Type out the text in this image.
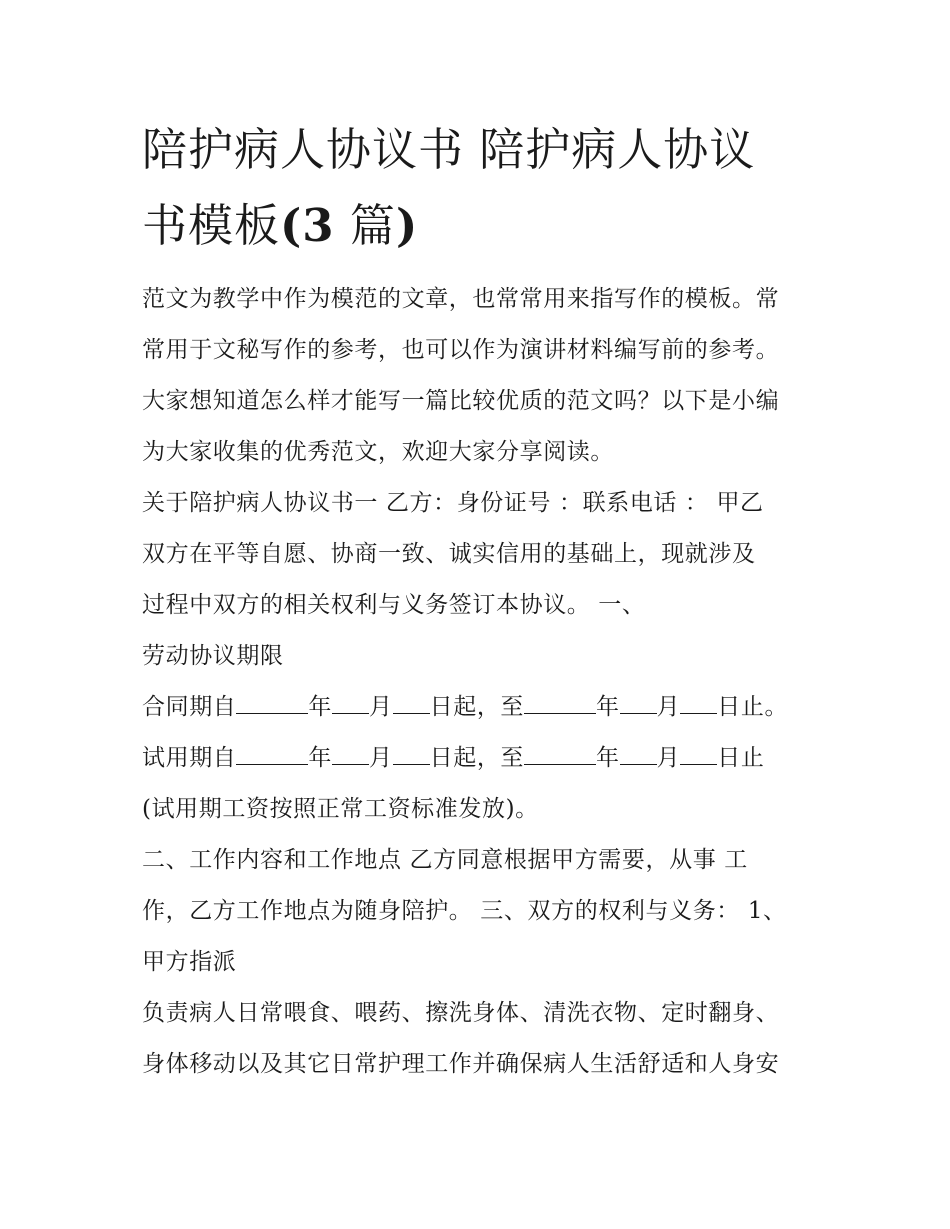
陪护病人协议书 陪护病人协议
书模板(3 篇)
范文为教学中作为模范的文章，也常常用来指写作的模板。常
常用于文秘写作的参考，也可以作为演讲材料编写前的参考。
大家想知道怎么样才能写一篇比较优质的范文吗？以下是小编
为大家收集的优秀范文，欢迎大家分享阅读。
关于陪护病人协议书一 乙方：身份证号 ：联系电话 ： 甲乙
双方在平等自愿、协商一致、诚实信用的基础上，现就涉及
过程中双方的相关权利与义务签订本协议。 一、
劳动协议期限
合同期自	年 月 日起，至	年 月 日止。
试用期自	年 月 日起，至	年 月 日止
(试用期工资按照正常工资标准发放)。
二、工作内容和工作地点 乙方同意根据甲方需要，从事 工
作，乙方工作地点为随身陪护。 三、双方的权利与义务： 1、
甲方指派
负责病人日常喂食、喂药、擦洗身体、清洗衣物、定时翻身、
身体移动以及其它日常护理工作并确保病人生活舒适和人身安
